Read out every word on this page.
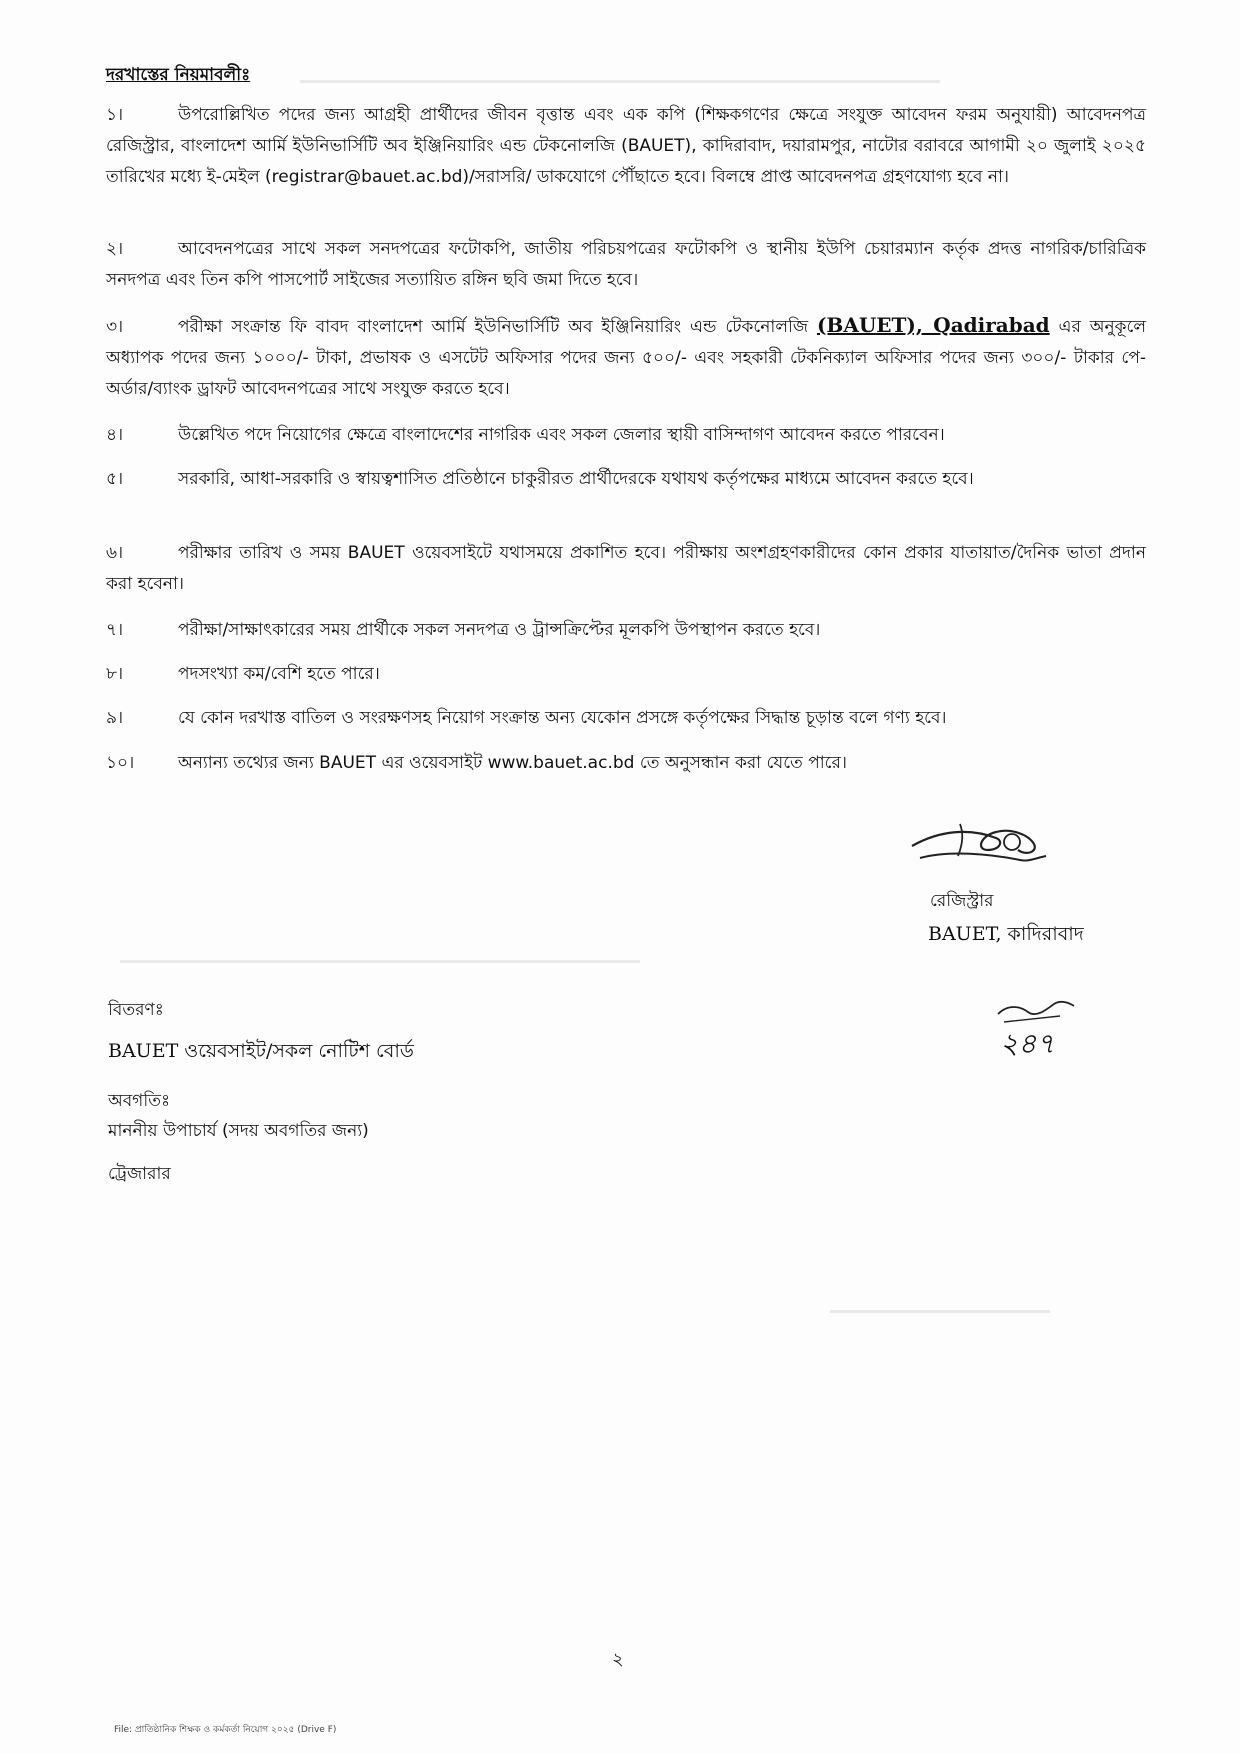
দরখাস্তের নিয়মাবলীঃ
১।	উপরোল্লিখিত পদের জন্য আগ্রহী প্রার্থীদের জীবন বৃত্তান্ত এবং এক কপি (শিক্ষকগণের ক্ষেত্রে সংযুক্ত আবেদন ফরম অনুযায়ী) আবেদনপত্র রেজিস্ট্রার, বাংলাদেশ আর্মি ইউনিভার্সিটি অব ইঞ্জিনিয়ারিং এন্ড টেকনোলজি (BAUET), কাদিরাবাদ, দয়ারামপুর, নাটোর বরাবরে আগামী ২০ জুলাই ২০২৫ তারিখের মধ্যে ই-মেইল (registrar@bauet.ac.bd)/সরাসরি/ ডাকযোগে পৌঁছাতে হবে। বিলম্বে প্রাপ্ত আবেদনপত্র গ্রহণযোগ্য হবে না।
২।	আবেদনপত্রের সাথে সকল সনদপত্রের ফটোকপি, জাতীয় পরিচয়পত্রের ফটোকপি ও স্থানীয় ইউপি চেয়ারম্যান কর্তৃক প্রদত্ত নাগরিক/চারিত্রিক সনদপত্র এবং তিন কপি পাসপোর্ট সাইজের সত্যায়িত রঙ্গিন ছবি জমা দিতে হবে।
৩।	পরীক্ষা সংক্রান্ত ফি বাবদ বাংলাদেশ আর্মি ইউনিভার্সিটি অব ইঞ্জিনিয়ারিং এন্ড টেকনোলজি (BAUET), Qadirabad এর অনুকূলে অধ্যাপক পদের জন্য ১০০০/- টাকা, প্রভাষক ও এসটেট অফিসার পদের জন্য ৫০০/- এবং সহকারী টেকনিক্যাল অফিসার পদের জন্য ৩০০/- টাকার পে-অর্ডার/ব্যাংক ড্রাফট আবেদনপত্রের সাথে সংযুক্ত করতে হবে।
৪।	উল্লেখিত পদে নিয়োগের ক্ষেত্রে বাংলাদেশের নাগরিক এবং সকল জেলার স্থায়ী বাসিন্দাগণ আবেদন করতে পারবেন।
৫।	সরকারি, আধা-সরকারি ও স্বায়ত্বশাসিত প্রতিষ্ঠানে চাকুরীরত প্রার্থীদেরকে যথাযথ কর্তৃপক্ষের মাধ্যমে আবেদন করতে হবে।
৬।	পরীক্ষার তারিখ ও সময় BAUET ওয়েবসাইটে যথাসময়ে প্রকাশিত হবে। পরীক্ষায় অংশগ্রহণকারীদের কোন প্রকার যাতায়াত/দৈনিক ভাতা প্রদান করা হবেনা।
৭।	পরীক্ষা/সাক্ষাৎকারের সময় প্রার্থীকে সকল সনদপত্র ও ট্রান্সক্রিপ্টের মূলকপি উপস্থাপন করতে হবে।
৮।	পদসংখ্যা কম/বেশি হতে পারে।
৯।	যে কোন দরখাস্ত বাতিল ও সংরক্ষণসহ নিয়োগ সংক্রান্ত অন্য যেকোন প্রসঙ্গে কর্তৃপক্ষের সিদ্ধান্ত চূড়ান্ত বলে গণ্য হবে।
১০।	অন্যান্য তথ্যের জন্য BAUET এর ওয়েবসাইট www.bauet.ac.bd তে অনুসন্ধান করা যেতে পারে।
রেজিস্ট্রার
BAUET, কাদিরাবাদ
২৪৭
বিতরণঃ
BAUET ওয়েবসাইট/সকল নোটিশ বোর্ড
অবগতিঃ
মাননীয় উপাচার্য (সদয় অবগতির জন্য)
ট্রেজারার
২
File: প্রাতিষ্ঠানিক শিক্ষক ও কর্মকর্তা নিয়োগ ২০২৫ (Drive F)
